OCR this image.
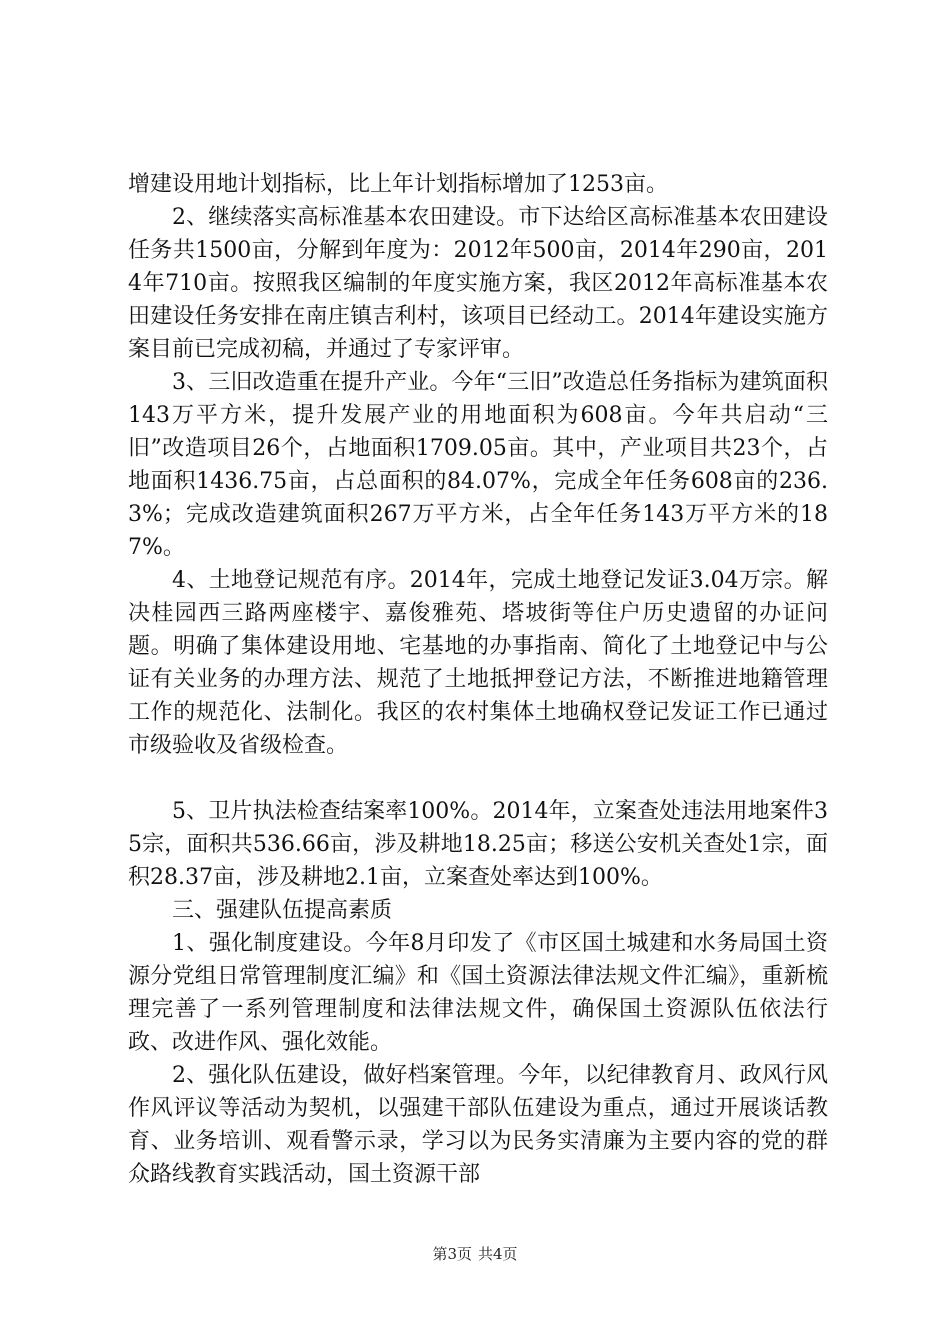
增建设用地计划指标，比上年计划指标增加了1253亩。

2、继续落实高标准基本农田建设。市下达给区高标准基本农田建设任务共1500亩，分解到年度为：2012年500亩，2014年290亩，2014年710亩。按照我区编制的年度实施方案，我区2012年高标准基本农田建设任务安排在南庄镇吉利村，该项目已经动工。2014年建设实施方案目前已完成初稿，并通过了专家评审。

3、三旧改造重在提升产业。今年“三旧”改造总任务指标为建筑面积143万平方米，提升发展产业的用地面积为608亩。今年共启动“三旧”改造项目26个，占地面积1709.05亩。其中，产业项目共23个，占地面积1436.75亩，占总面积的84.07%，完成全年任务608亩的236.3%；完成改造建筑面积267万平方米，占全年任务143万平方米的187%。

4、土地登记规范有序。2014年，完成土地登记发证3.04万宗。解决桂园西三路两座楼宇、嘉俊雅苑、塔坡街等住户历史遗留的办证问题。明确了集体建设用地、宅基地的办事指南、简化了土地登记中与公证有关业务的办理方法、规范了土地抵押登记方法，不断推进地籍管理工作的规范化、法制化。我区的农村集体土地确权登记发证工作已通过市级验收及省级检查。

5、卫片执法检查结案率100%。2014年，立案查处违法用地案件35宗，面积共536.66亩，涉及耕地18.25亩；移送公安机关查处1宗，面积28.37亩，涉及耕地2.1亩，立案查处率达到100%。

三、强建队伍提高素质

1、强化制度建设。今年8月印发了《市区国土城建和水务局国土资源分党组日常管理制度汇编》和《国土资源法律法规文件汇编》，重新梳理完善了一系列管理制度和法律法规文件，确保国土资源队伍依法行政、改进作风、强化效能。

2、强化队伍建设，做好档案管理。今年，以纪律教育月、政风行风作风评议等活动为契机，以强建干部队伍建设为重点，通过开展谈话教育、业务培训、观看警示录，学习以为民务实清廉为主要内容的党的群众路线教育实践活动，国土资源干部

第3页 共4页
